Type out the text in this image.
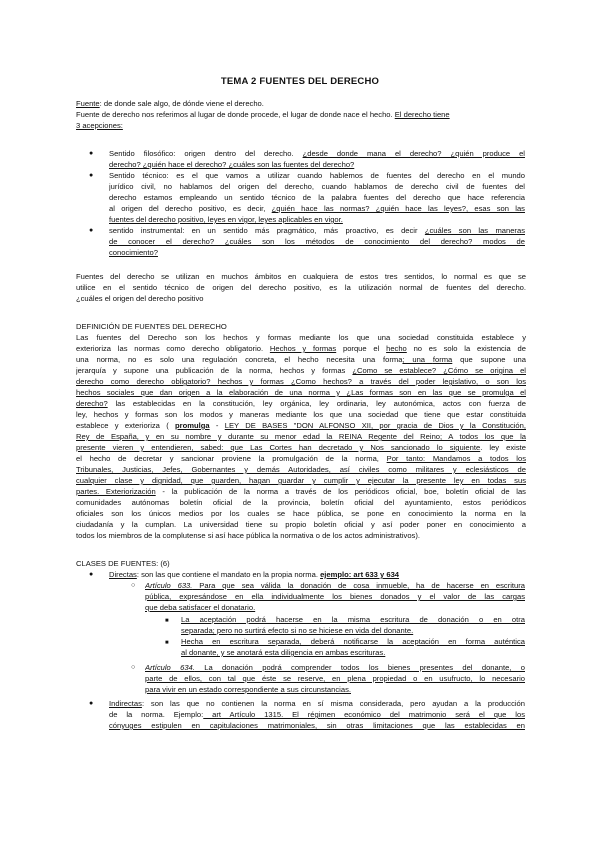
TEMA 2 FUENTES DEL DERECHO
Fuente: de donde sale algo, de dónde viene el derecho.
Fuente de derecho nos referimos al lugar de donde procede, el lugar de donde nace el hecho. El derecho tiene
3 acepciones:
● Sentido filosófico: origen dentro del derecho. ¿desde donde mana el derecho? ¿quién produce el
derecho? ¿quién hace el derecho? ¿cuáles son las fuentes del derecho?
● Sentido técnico: es el que vamos a utilizar cuando hablemos de fuentes del derecho en el mundo
jurídico civil, no hablamos del origen del derecho, cuando hablamos de derecho civil de fuentes del
derecho estamos empleando un sentido técnico de la palabra fuentes del derecho que hace referencia
al origen del derecho positivo, es decir, ¿quién hace las normas? ¿quién hace las leyes?, esas son las
fuentes del derecho positivo, leyes en vigor, leyes aplicables en vigor.
● sentido instrumental: en un sentido más pragmático, más proactivo, es decir ¿cuáles son las maneras
de conocer el derecho? ¿cuáles son los métodos de conocimiento del derecho? modos de
conocimiento?
Fuentes del derecho se utilizan en muchos ámbitos en cualquiera de estos tres sentidos, lo normal es que se
utilice en el sentido técnico de origen del derecho positivo, es la utilización normal de fuentes del derecho.
¿cuáles el origen del derecho positivo
DEFINICIÓN DE FUENTES DEL DERECHO
Las fuentes del Derecho son los hechos y formas mediante los que una sociedad constituida establece y
exterioriza las normas como derecho obligatorio. Hechos y formas porque el hecho no es solo la existencia de
una norma, no es solo una regulación concreta, el hecho necesita una forma; una forma que supone una
jerarquía y supone una publicación de la norma, hechos y formas ¿Como se establece? ¿Cómo se origina el
derecho como derecho obligatorio? hechos y formas ¿Como hechos? a través del poder legislativo, o son los
hechos sociales que dan origen a la elaboración de una norma y ¿Las formas son en las que se promulga el
derecho? las establecidas en la constitución, ley orgánica, ley ordinaria, ley autonómica, actos con fuerza de
ley, hechos y formas son los modos y maneras mediante los que una sociedad que tiene que estar constituida
establece y exterioriza ( promulga - LEY DE BASES "DON ALFONSO XII, por gracia de Dios y la Constitución,
Rey de España, y en su nombre y durante su menor edad la REINA Regente del Reino; A todos los que la
presente vieren y entendieren, sabed: que Las Cortes han decretado y Nos sancionado lo siguiente. ley existe
el hecho de decretar y sancionar proviene la promulgación de la norma, Por tanto: Mandamos a todos los
Tribunales, Justicias, Jefes, Gobernantes y demás Autoridades, así civiles como militares y eclesiásticos de
cualquier clase y dignidad, que guarden, hagan guardar y cumplir y ejecutar la presente ley en todas sus
partes. Exteriorización - la publicación de la norma a través de los periódicos oficial, boe, boletín oficial de las
comunidades autónomas boletín oficial de la provincia, boletín oficial del ayuntamiento, estos periódicos
oficiales son los únicos medios por los cuales se hace pública, se pone en conocimiento la norma en la
ciudadanía y la cumplan. La universidad tiene su propio boletín oficial y así poder poner en conocimiento a
todos los miembros de la complutense si así hace pública la normativa o de los actos administrativos).
CLASES DE FUENTES: (6)
● Directas: son las que contiene el mandato en la propia norma. ejemplo: art 633 y 634
○ Artículo 633. Para que sea válida la donación de cosa inmueble, ha de hacerse en escritura
pública, expresándose en ella individualmente los bienes donados y el valor de las cargas
que deba satisfacer el donatario.
■ La aceptación podrá hacerse en la misma escritura de donación o en otra
separada; pero no surtirá efecto si no se hiciese en vida del donante.
■ Hecha en escritura separada, deberá notificarse la aceptación en forma auténtica
al donante, y se anotará esta diligencia en ambas escrituras.
○ Artículo 634. La donación podrá comprender todos los bienes presentes del donante, o
parte de ellos, con tal que éste se reserve, en plena propiedad o en usufructo, lo necesario
para vivir en un estado correspondiente a sus circunstancias.
● Indirectas: son las que no contienen la norma en sí misma considerada, pero ayudan a la producción
de la norma. Ejemplo: art Artículo 1315. El régimen económico del matrimonio será el que los
cónyuges estipulen en capitulaciones matrimoniales, sin otras limitaciones que las establecidas en
